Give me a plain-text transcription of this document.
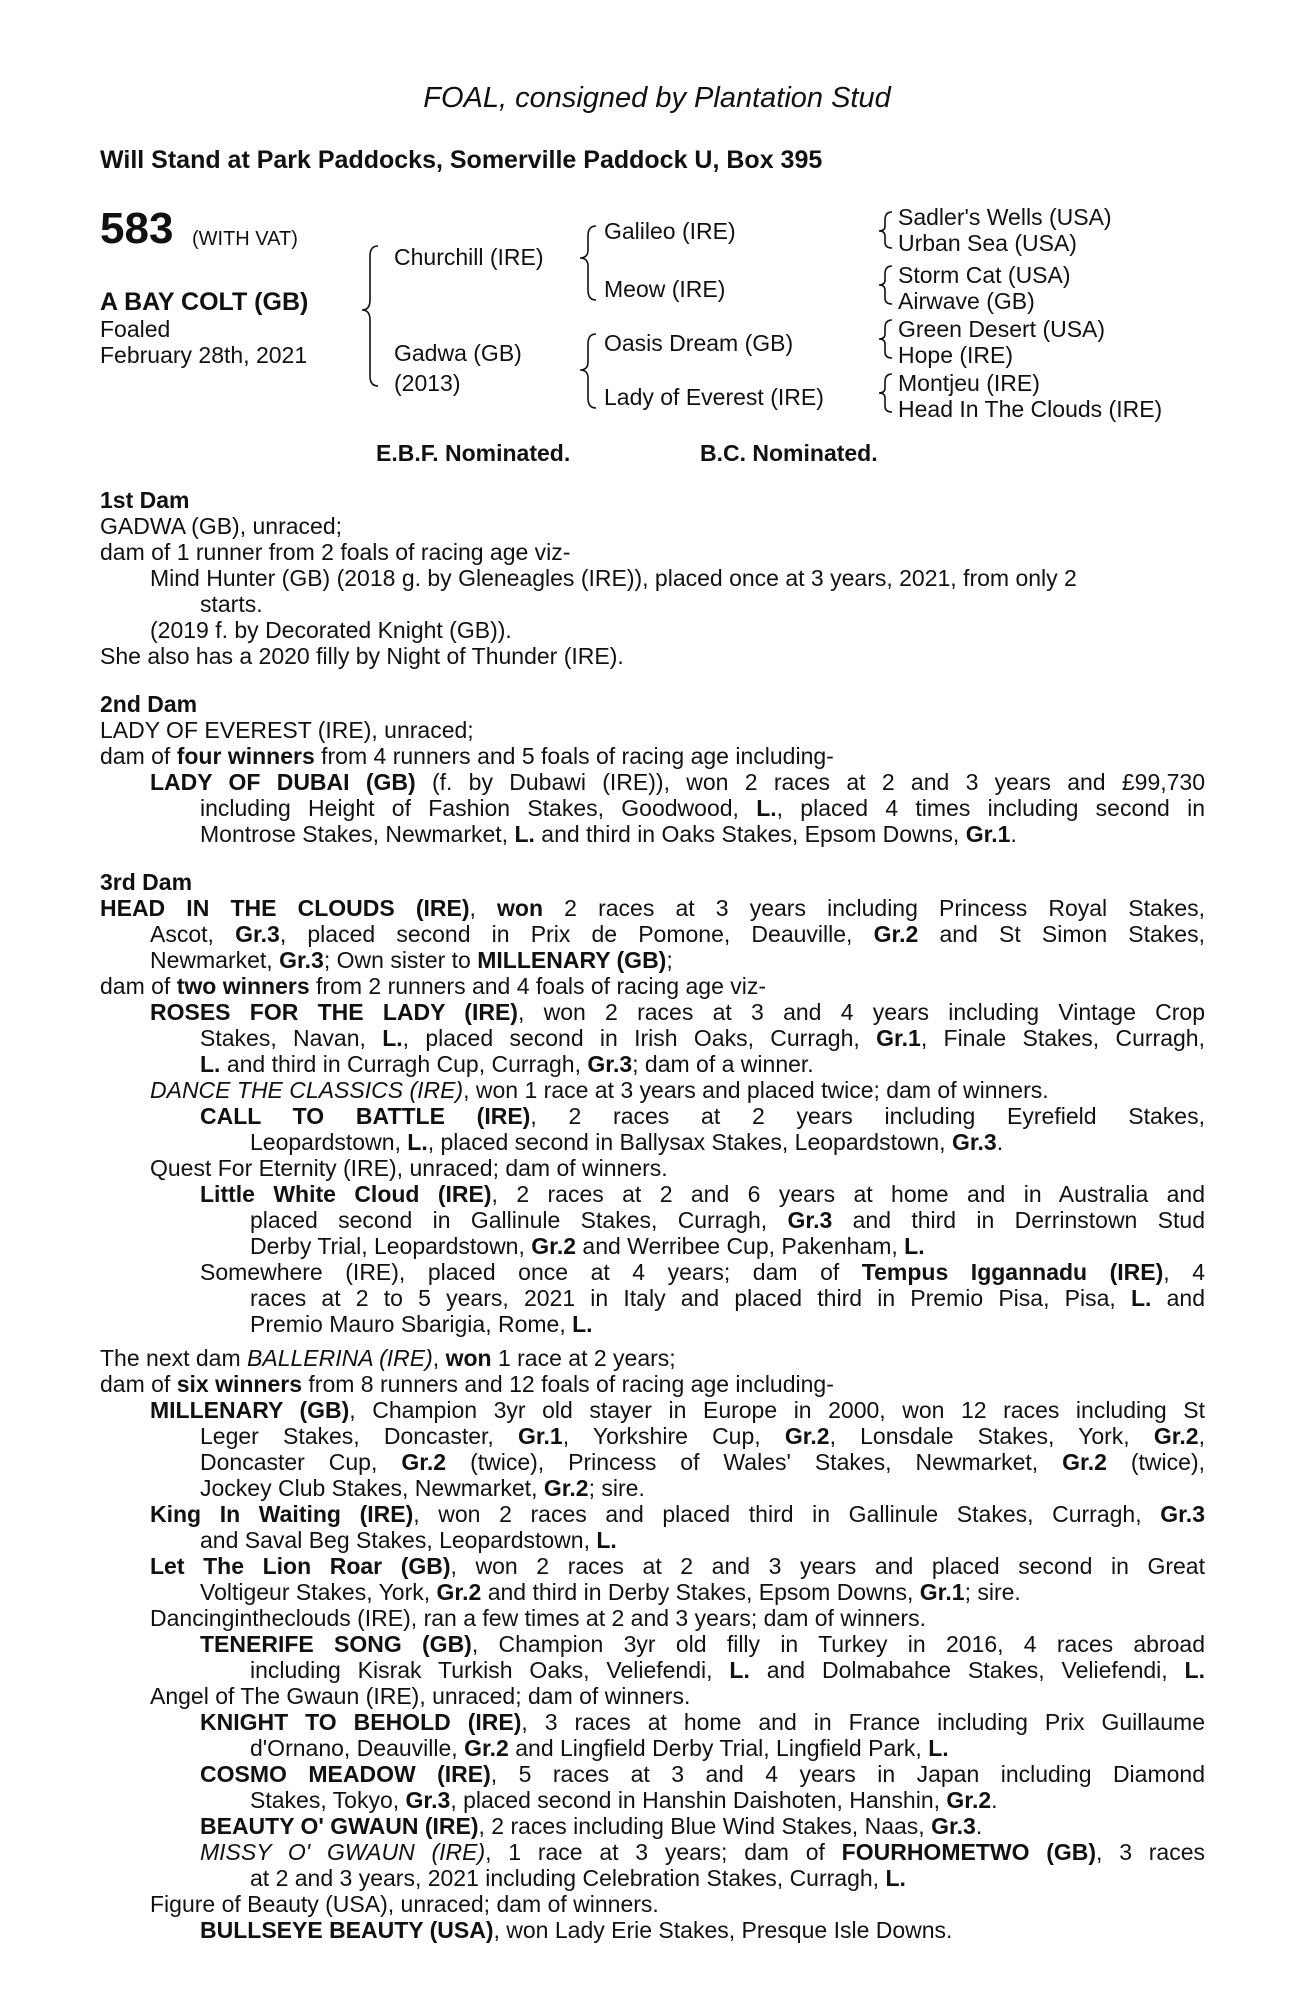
FOAL, consigned by Plantation Stud
Will Stand at Park Paddocks, Somerville Paddock U, Box 395
583 (WITH VAT)
A BAY COLT (GB)
Foaled
February 28th, 2021
Churchill (IRE)
Gadwa (GB)
(2013)
Galileo (IRE)
Meow (IRE)
Oasis Dream (GB)
Lady of Everest (IRE)
Sadler's Wells (USA)
Urban Sea (USA)
Storm Cat (USA)
Airwave (GB)
Green Desert (USA)
Hope (IRE)
Montjeu (IRE)
Head In The Clouds (IRE)
E.B.F. Nominated.	B.C. Nominated.
1st Dam
GADWA (GB), unraced;
dam of 1 runner from 2 foals of racing age viz-
Mind Hunter (GB) (2018 g. by Gleneagles (IRE)), placed once at 3 years, 2021, from only 2
starts.
(2019 f. by Decorated Knight (GB)).
She also has a 2020 filly by Night of Thunder (IRE).
2nd Dam
LADY OF EVEREST (IRE), unraced;
dam of four winners from 4 runners and 5 foals of racing age including-
LADY OF DUBAI (GB) (f. by Dubawi (IRE)), won 2 races at 2 and 3 years and £99,730
including Height of Fashion Stakes, Goodwood, L., placed 4 times including second in
Montrose Stakes, Newmarket, L. and third in Oaks Stakes, Epsom Downs, Gr.1.
3rd Dam
HEAD IN THE CLOUDS (IRE), won 2 races at 3 years including Princess Royal Stakes,
Ascot, Gr.3, placed second in Prix de Pomone, Deauville, Gr.2 and St Simon Stakes,
Newmarket, Gr.3; Own sister to MILLENARY (GB);
dam of two winners from 2 runners and 4 foals of racing age viz-
ROSES FOR THE LADY (IRE), won 2 races at 3 and 4 years including Vintage Crop
Stakes, Navan, L., placed second in Irish Oaks, Curragh, Gr.1, Finale Stakes, Curragh,
L. and third in Curragh Cup, Curragh, Gr.3; dam of a winner.
DANCE THE CLASSICS (IRE), won 1 race at 3 years and placed twice; dam of winners.
CALL TO BATTLE (IRE), 2 races at 2 years including Eyrefield Stakes,
Leopardstown, L., placed second in Ballysax Stakes, Leopardstown, Gr.3.
Quest For Eternity (IRE), unraced; dam of winners.
Little White Cloud (IRE), 2 races at 2 and 6 years at home and in Australia and
placed second in Gallinule Stakes, Curragh, Gr.3 and third in Derrinstown Stud
Derby Trial, Leopardstown, Gr.2 and Werribee Cup, Pakenham, L.
Somewhere (IRE), placed once at 4 years; dam of Tempus Iggannadu (IRE), 4
races at 2 to 5 years, 2021 in Italy and placed third in Premio Pisa, Pisa, L. and
Premio Mauro Sbarigia, Rome, L.
The next dam BALLERINA (IRE), won 1 race at 2 years;
dam of six winners from 8 runners and 12 foals of racing age including-
MILLENARY (GB), Champion 3yr old stayer in Europe in 2000, won 12 races including St
Leger Stakes, Doncaster, Gr.1, Yorkshire Cup, Gr.2, Lonsdale Stakes, York, Gr.2,
Doncaster Cup, Gr.2 (twice), Princess of Wales' Stakes, Newmarket, Gr.2 (twice),
Jockey Club Stakes, Newmarket, Gr.2; sire.
King In Waiting (IRE), won 2 races and placed third in Gallinule Stakes, Curragh, Gr.3
and Saval Beg Stakes, Leopardstown, L.
Let The Lion Roar (GB), won 2 races at 2 and 3 years and placed second in Great
Voltigeur Stakes, York, Gr.2 and third in Derby Stakes, Epsom Downs, Gr.1; sire.
Dancingintheclouds (IRE), ran a few times at 2 and 3 years; dam of winners.
TENERIFE SONG (GB), Champion 3yr old filly in Turkey in 2016, 4 races abroad
including Kisrak Turkish Oaks, Veliefendi, L. and Dolmabahce Stakes, Veliefendi, L.
Angel of The Gwaun (IRE), unraced; dam of winners.
KNIGHT TO BEHOLD (IRE), 3 races at home and in France including Prix Guillaume
d'Ornano, Deauville, Gr.2 and Lingfield Derby Trial, Lingfield Park, L.
COSMO MEADOW (IRE), 5 races at 3 and 4 years in Japan including Diamond
Stakes, Tokyo, Gr.3, placed second in Hanshin Daishoten, Hanshin, Gr.2.
BEAUTY O' GWAUN (IRE), 2 races including Blue Wind Stakes, Naas, Gr.3.
MISSY O' GWAUN (IRE), 1 race at 3 years; dam of FOURHOMETWO (GB), 3 races
at 2 and 3 years, 2021 including Celebration Stakes, Curragh, L.
Figure of Beauty (USA), unraced; dam of winners.
BULLSEYE BEAUTY (USA), won Lady Erie Stakes, Presque Isle Downs.
